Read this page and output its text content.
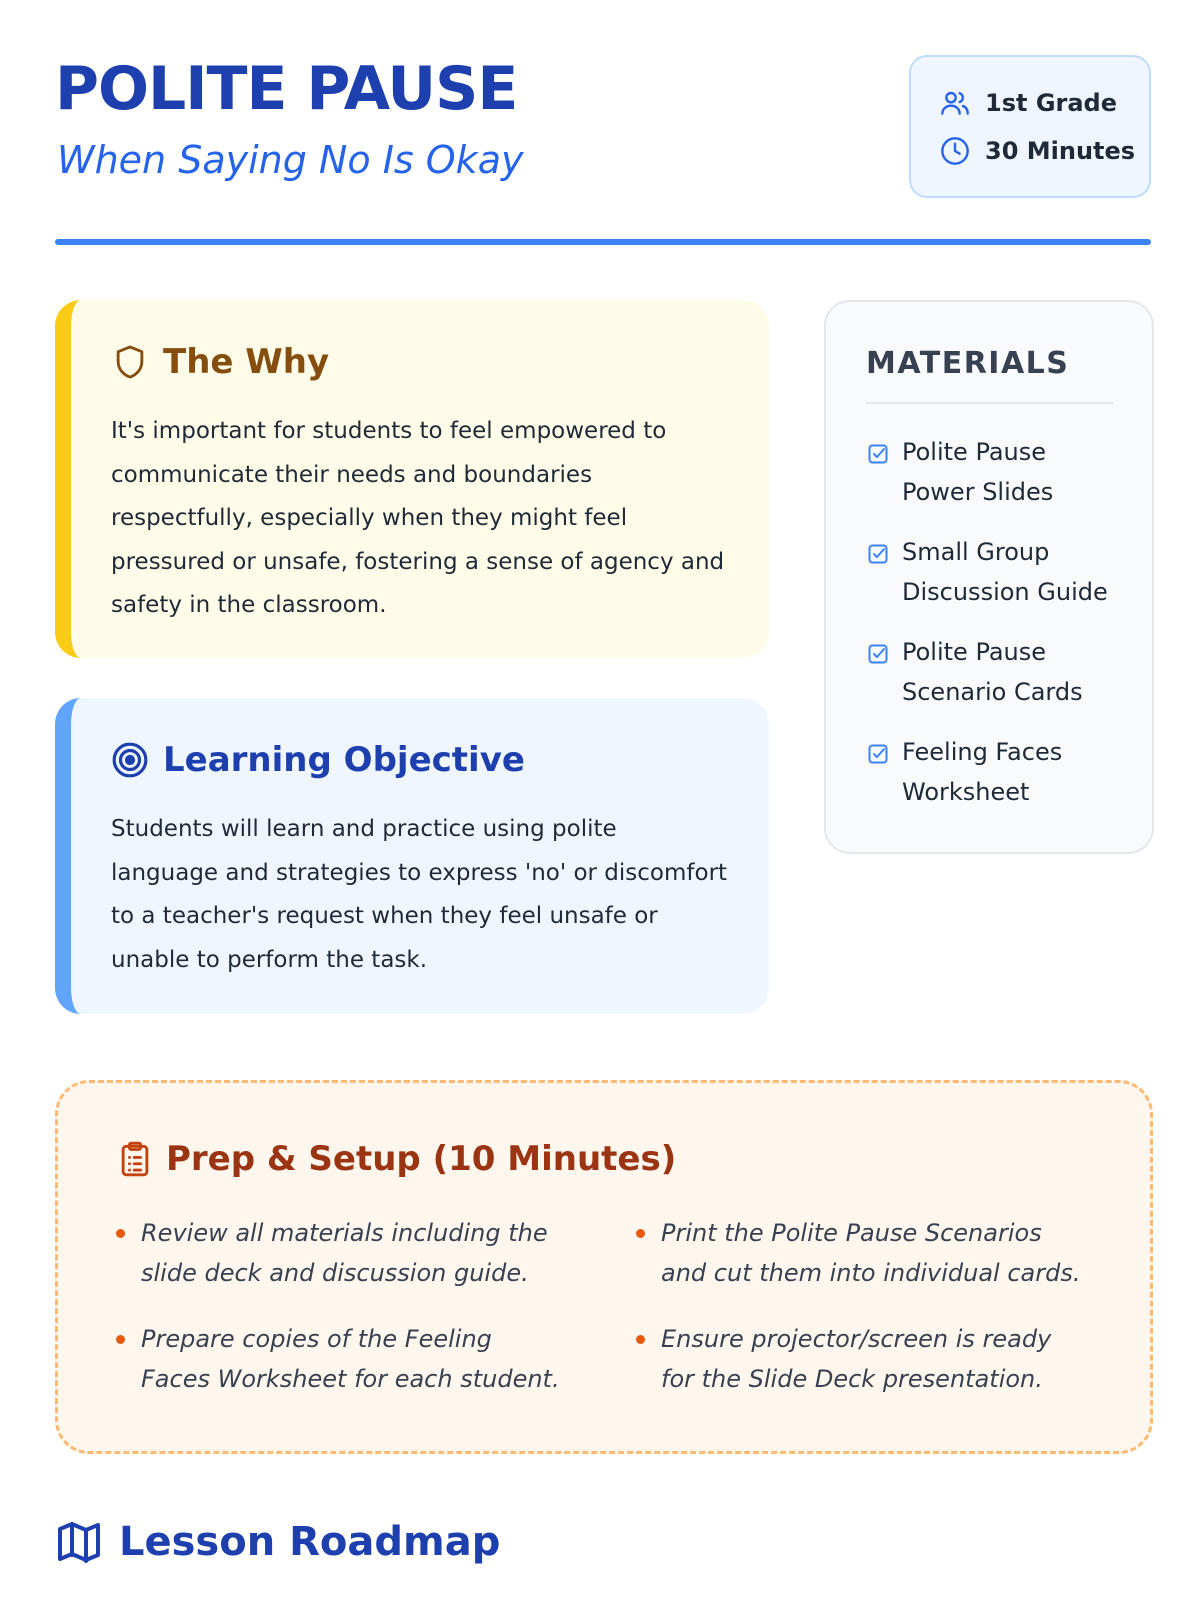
POLITE PAUSE
When Saying No Is Okay
1st Grade
30 Minutes
The Why

It's important for students to feel empowered to communicate their needs and boundaries respectfully, especially when they might feel pressured or unsafe, fostering a sense of agency and safety in the classroom.

Learning Objective

Students will learn and practice using polite language and strategies to express 'no' or discomfort to a teacher's request when they feel unsafe or unable to perform the task.

MATERIALS
Polite Pause Power Slides
Small Group Discussion Guide
Polite Pause Scenario Cards
Feeling Faces Worksheet
Prep & Setup (10 Minutes)
Review all materials including the slide deck and discussion guide.
Print the Polite Pause Scenarios and cut them into individual cards.
Prepare copies of the Feeling Faces Worksheet for each student.
Ensure projector/screen is ready for the Slide Deck presentation.
Lesson Roadmap
